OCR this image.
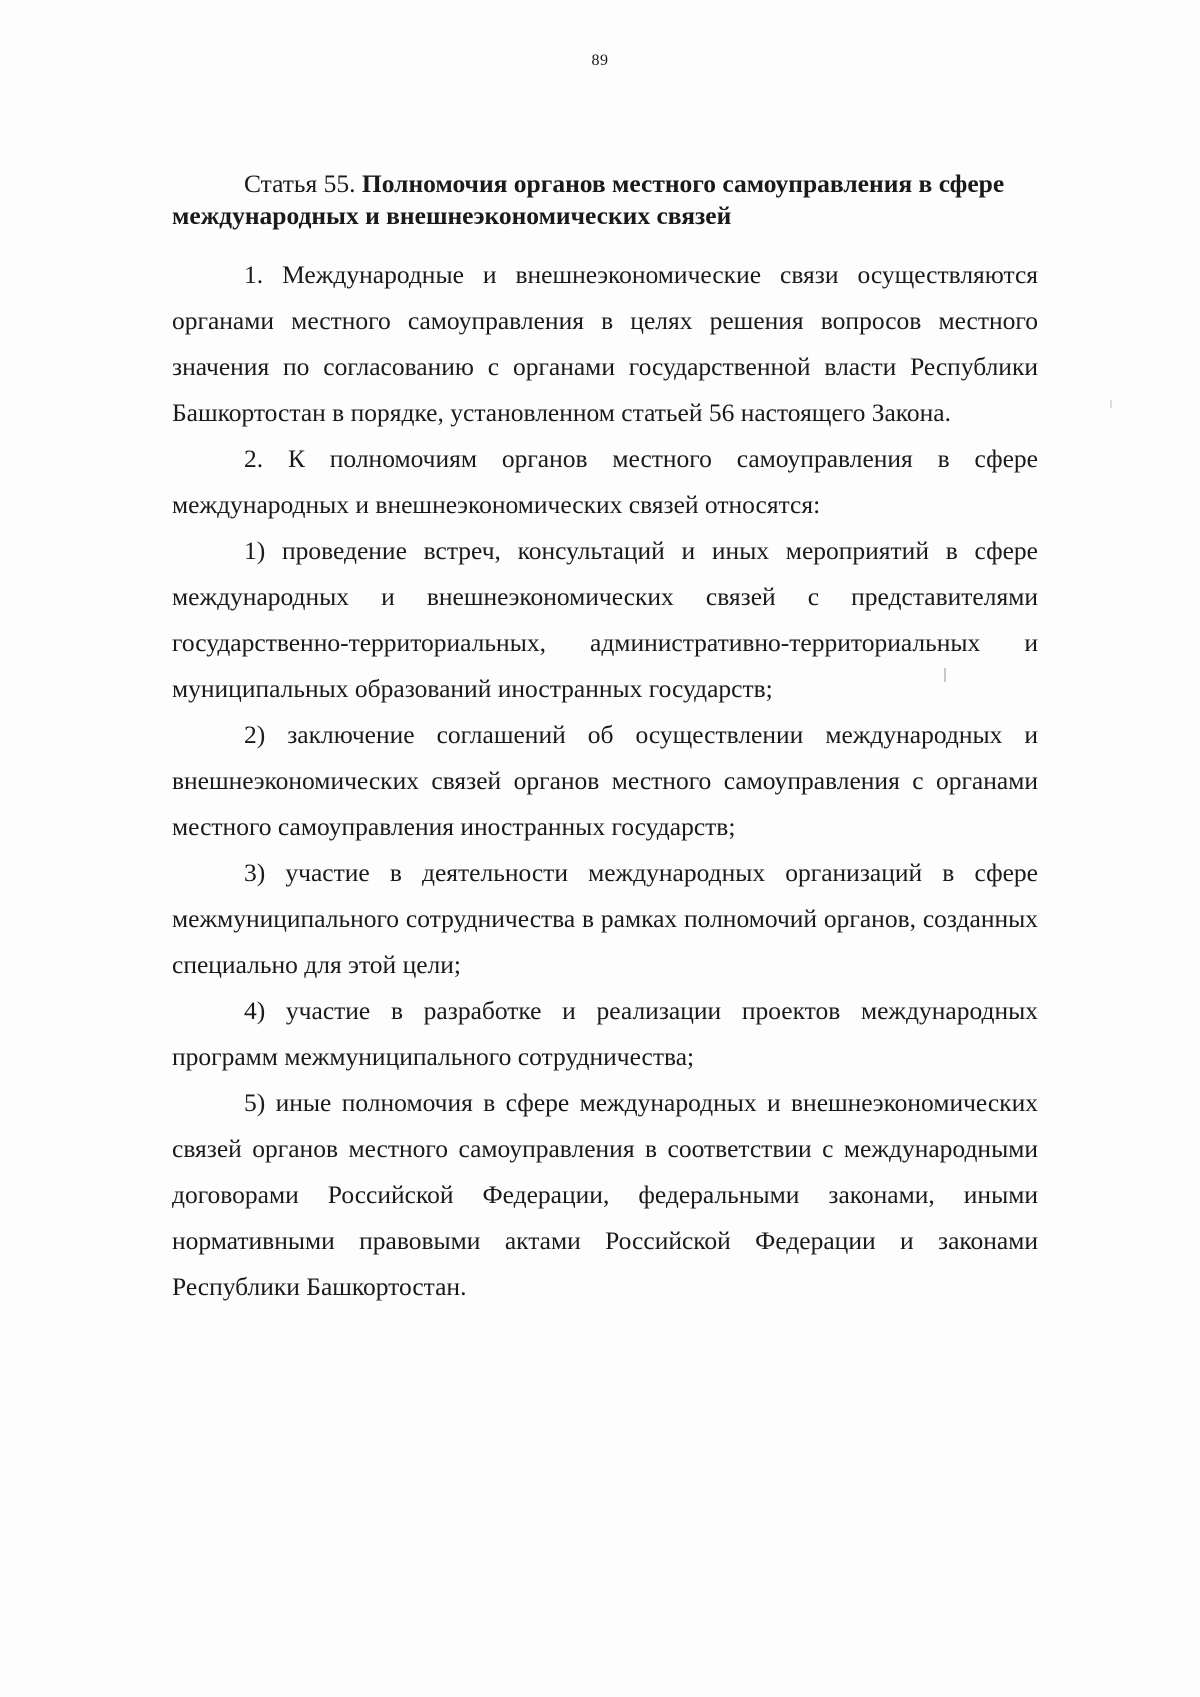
89
Статья 55. Полномочия органов местного самоуправления в сфере международных и внешнеэкономических связей

1. Международные и внешнеэкономические связи осуществляются органами местного самоуправления в целях решения вопросов местного значения по согласованию с органами государственной власти Республики Башкортостан в порядке, установленном статьей 56 настоящего Закона.

2. К полномочиям органов местного самоуправления в сфере международных и внешнеэкономических связей относятся:

1) проведение встреч, консультаций и иных мероприятий в сфере международных и внешнеэкономических связей с представителями государственно-территориальных, административно-территориальных и муниципальных образований иностранных государств;

2) заключение соглашений об осуществлении международных и внешнеэкономических связей органов местного самоуправления с органами местного самоуправления иностранных государств;

3) участие в деятельности международных организаций в сфере межмуниципального сотрудничества в рамках полномочий органов, созданных специально для этой цели;

4) участие в разработке и реализации проектов международных программ межмуниципального сотрудничества;

5) иные полномочия в сфере международных и внешнеэкономических связей органов местного самоуправления в соответствии с международными договорами Российской Федерации, федеральными законами, иными нормативными правовыми актами Российской Федерации и законами Республики Башкортостан.
